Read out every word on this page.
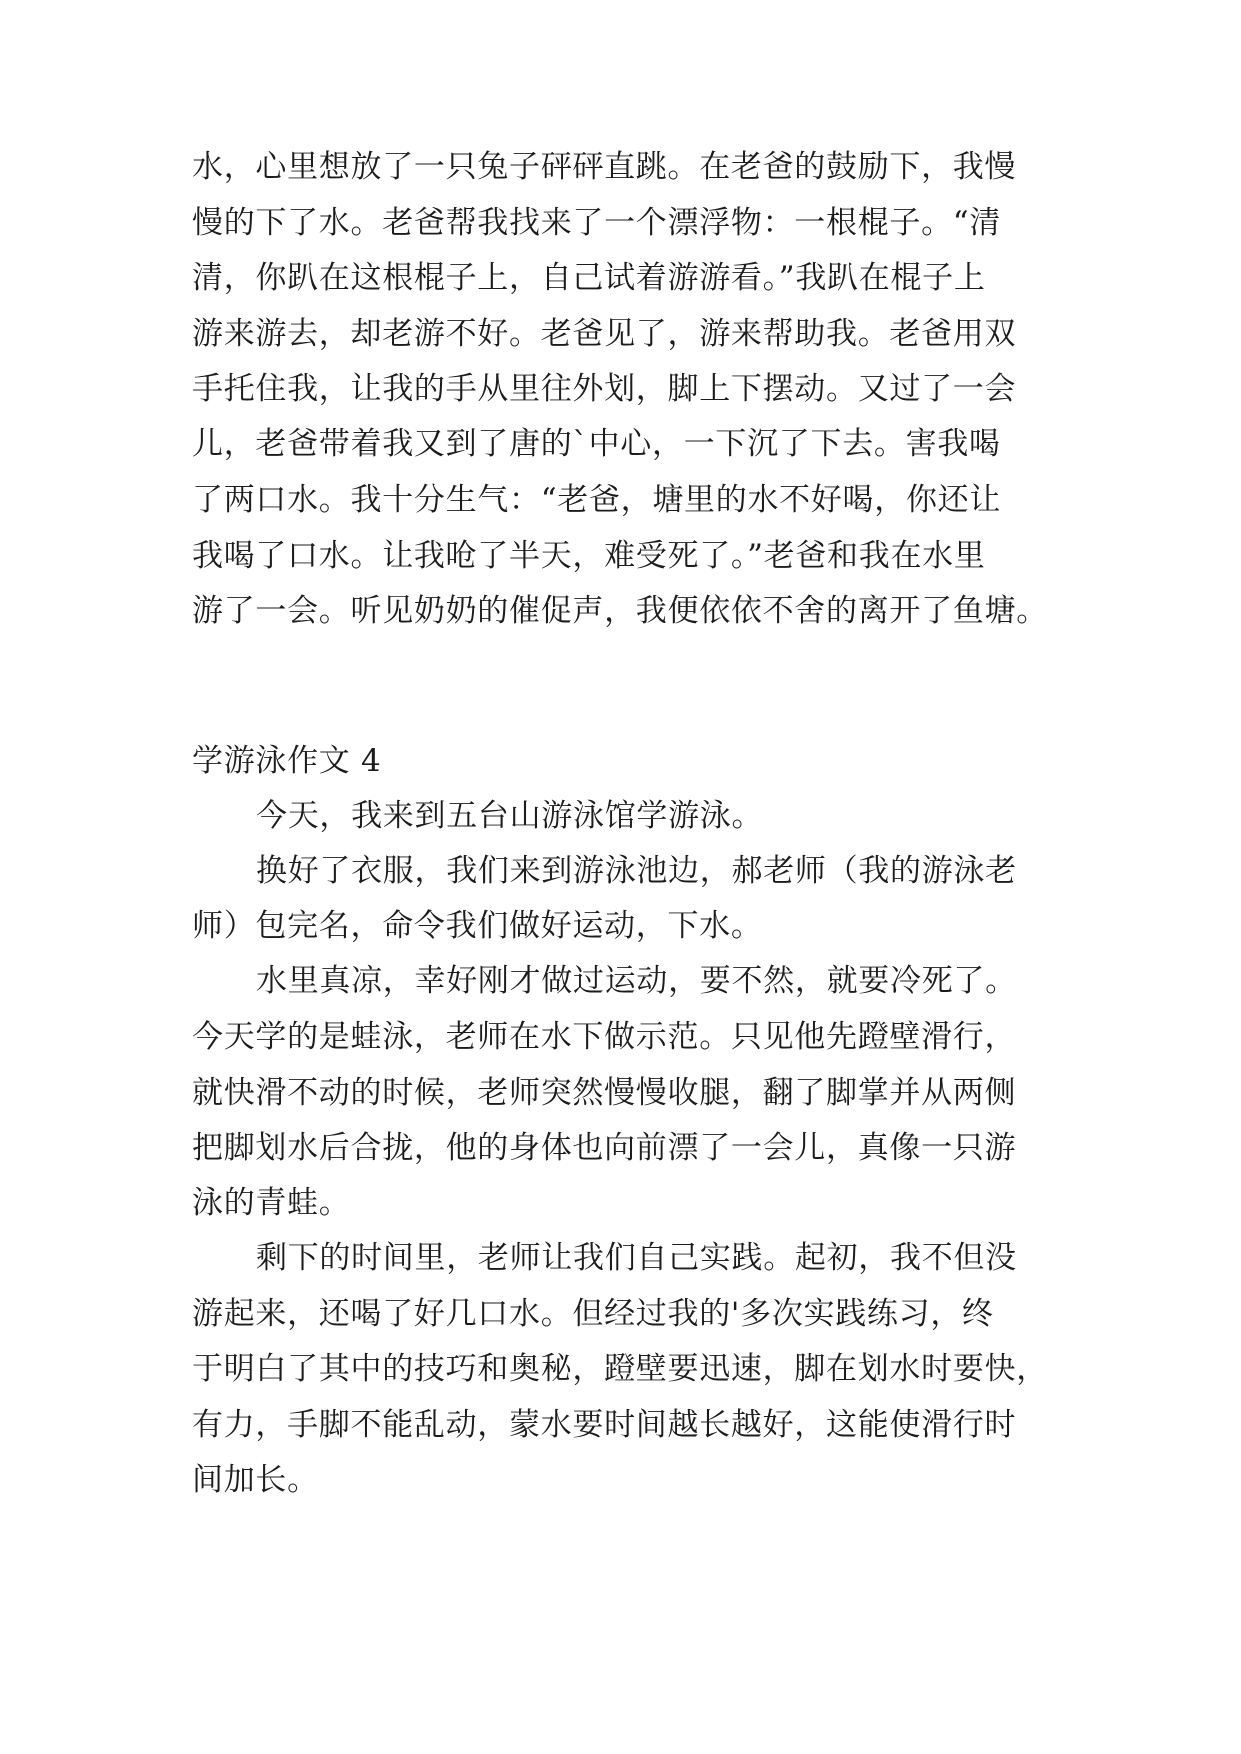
水，心里想放了一只兔子砰砰直跳。在老爸的鼓励下，我慢
慢的下了水。老爸帮我找来了一个漂浮物：一根棍子。“清
清，你趴在这根棍子上，自己试着游游看。”我趴在棍子上
游来游去，却老游不好。老爸见了，游来帮助我。老爸用双
手托住我，让我的手从里往外划，脚上下摆动。又过了一会
儿，老爸带着我又到了唐的`中心，一下沉了下去。害我喝
了两口水。我十分生气：“老爸，塘里的水不好喝，你还让
我喝了口水。让我呛了半天，难受死了。”老爸和我在水里
游了一会。听见奶奶的催促声，我便依依不舍的离开了鱼塘。
学游泳作文 4
今天，我来到五台山游泳馆学游泳。
换好了衣服，我们来到游泳池边，郝老师（我的游泳老
师）包完名，命令我们做好运动，下水。
水里真凉，幸好刚才做过运动，要不然，就要冷死了。
今天学的是蛙泳，老师在水下做示范。只见他先蹬壁滑行，
就快滑不动的时候，老师突然慢慢收腿，翻了脚掌并从两侧
把脚划水后合拢，他的身体也向前漂了一会儿，真像一只游
泳的青蛙。
剩下的时间里，老师让我们自己实践。起初，我不但没
游起来，还喝了好几口水。但经过我的'多次实践练习，终
于明白了其中的技巧和奥秘，蹬壁要迅速，脚在划水时要快，
有力，手脚不能乱动，蒙水要时间越长越好，这能使滑行时
间加长。
